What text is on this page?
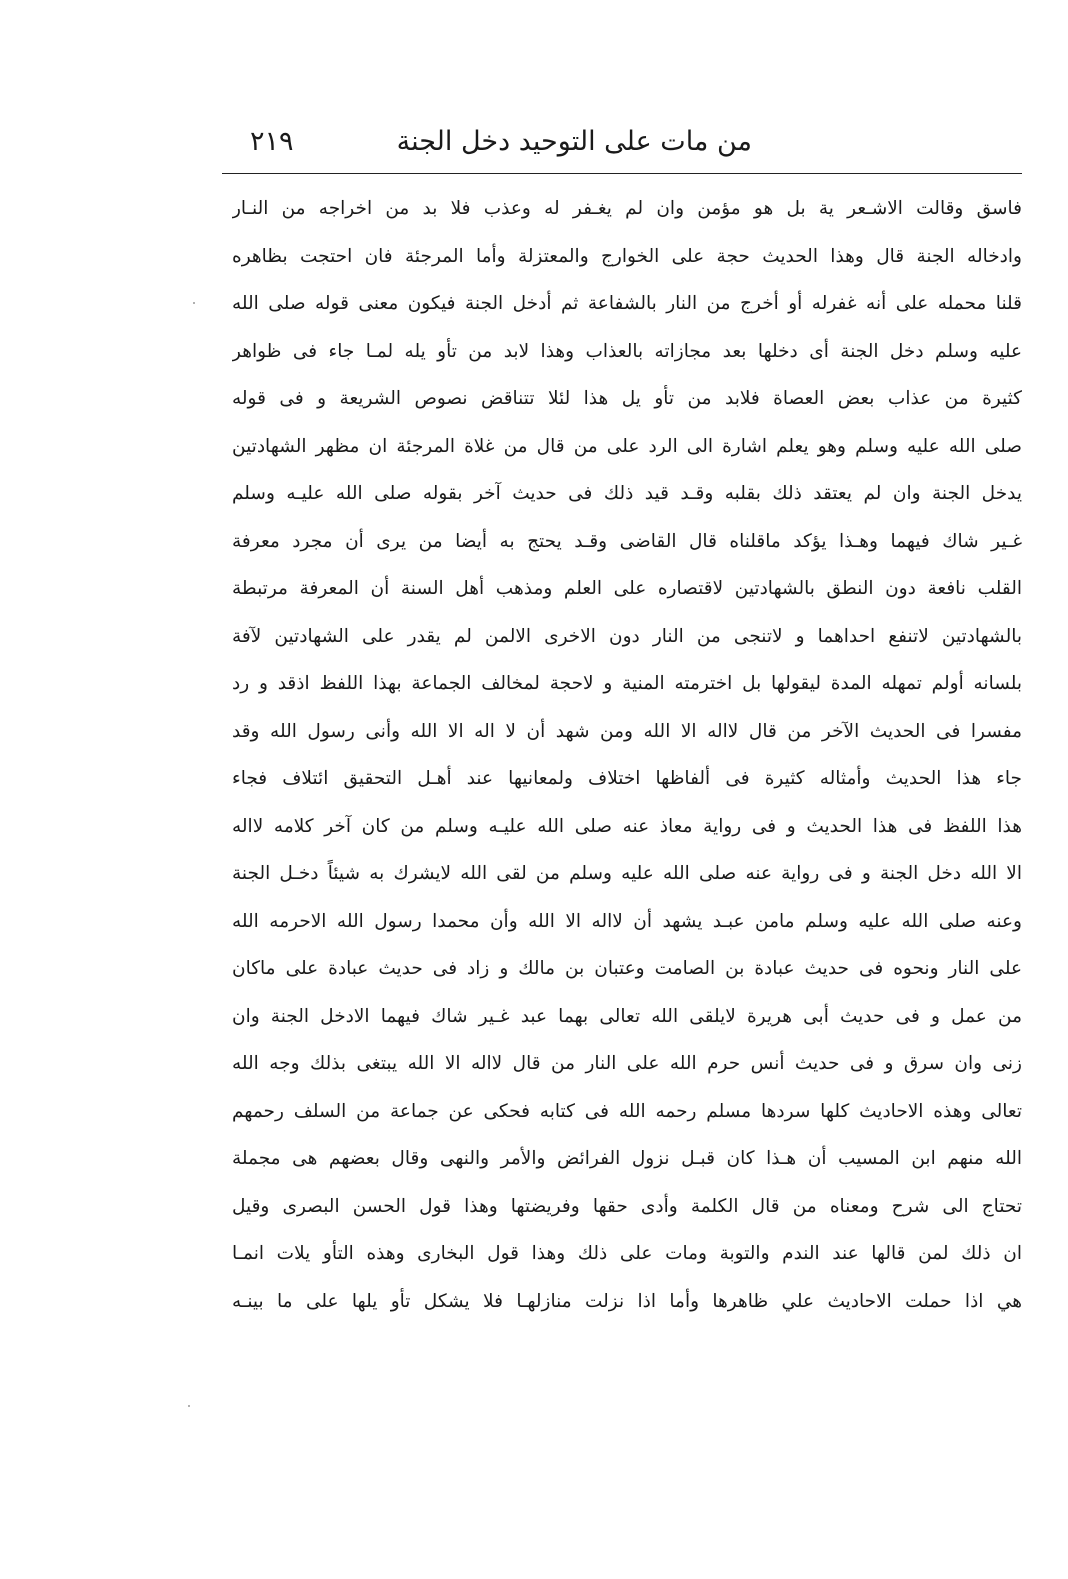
من مات على التوحيد دخل الجنة
٢١٩
فاسق وقالت الاشـعر ية بل هو مؤمن وان لم يغـفر له وعذب فلا بد من اخراجه من النـار
وادخاله الجنة قال وهذا الحديث حجة على الخوارج والمعتزلة وأما المرجئة فان احتجت بظاهره
قلنا محمله على أنه غفرله أو أخرج من النار بالشفاعة ثم أدخل الجنة فيكون معنى قوله صلى الله
عليه وسلم دخل الجنة أى دخلها بعد مجازاته بالعذاب وهذا لابد من تأو يله لمـا جاء فى ظواهر
كثيرة من عذاب بعض العصاة فلابد من تأو يل هذا لئلا تتناقض نصوص الشريعة و فى قوله
صلى الله عليه وسلم وهو يعلم اشارة الى الرد على من قال من غلاة المرجئة ان مظهر الشهادتين
يدخل الجنة وان لم يعتقد ذلك بقلبه وقـد قيد ذلك فى حديث آخر بقوله صلى الله عليـه وسلم
غـير شاك فيهما وهـذا يؤكد ماقلناه قال القاضى وقـد يحتج به أيضا من يرى أن مجرد معرفة
القلب نافعة دون النطق بالشهادتين لاقتصاره على العلم ومذهب أهل السنة أن المعرفة مرتبطة
بالشهادتين لاتنفع احداهما و لاتنجى من النار دون الاخرى الالمن لم يقدر على الشهادتين لآفة
بلسانه أولم تمهله المدة ليقولها بل اخترمته المنية و لاحجة لمخالف الجماعة بهذا اللفظ اذقد و رد
مفسرا فى الحديث الآخر من قال لااله الا الله ومن شهد أن لا اله الا الله وأنى رسول الله وقد
جاء هذا الحديث وأمثاله كثيرة فى ألفاظها اختلاف ولمعانيها عند أهـل التحقيق ائتلاف فجاء
هذا اللفظ فى هذا الحديث و فى رواية معاذ عنه صلى الله عليـه وسلم من كان آخر كلامه لااله
الا الله دخل الجنة و فى رواية عنه صلى الله عليه وسلم من لقى الله لايشرك به شيئاً دخـل الجنة
وعنه صلى الله عليه وسلم مامن عبـد يشهد أن لااله الا الله وأن محمدا رسول الله الاحرمه الله
على النار ونحوه فى حديث عبادة بن الصامت وعتبان بن مالك و زاد فى حديث عبادة على ماكان
من عمل و فى حديث أبى هريرة لايلقى الله تعالى بهما عبد غـير شاك فيهما الادخل الجنة وان
زنى وان سرق و فى حديث أنس حرم الله على النار من قال لااله الا الله يبتغى بذلك وجه الله
تعالى وهذه الاحاديث كلها سردها مسلم رحمه الله فى كتابه فحكى عن جماعة من السلف رحمهم
الله منهم ابن المسيب أن هـذا كان قبـل نزول الفرائض والأمر والنهى وقال بعضهم هى مجملة
تحتاج الى شرح ومعناه من قال الكلمة وأدى حقها وفريضتها وهذا قول الحسن البصرى وقيل
ان ذلك لمن قالها عند الندم والتوبة ومات على ذلك وهذا قول البخارى وهذه التأو يلات انمـا
هي اذا حملت الاحاديث علي ظاهرها وأما اذا نزلت منازلهـا فلا يشكل تأو يلها على ما بينـه
